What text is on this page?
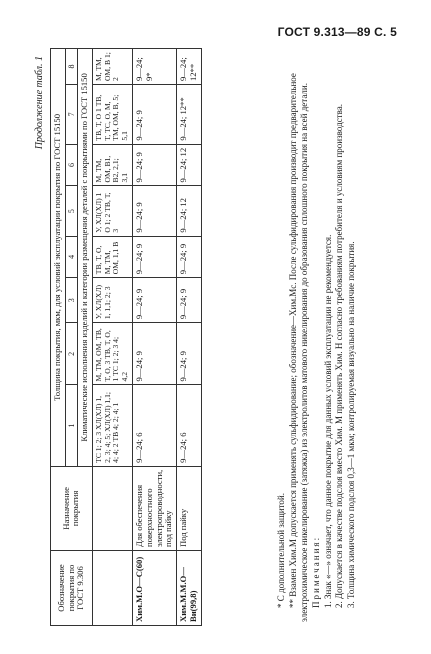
ГОСТ 9.313—89 С. 5
Продолжение табл. 1
Обозначение покрытия по ГОСТ 9.306	Назначение покрытия	Толщина покрытия, мкм, для условий эксплуатации покрытия по ГОСТ 15150							
		1	2	3	4	5	6	7	8
		Климатические исполнения изделий и категории размещения деталей с покрытиями по ГОСТ 15150							
		ТС 1; 2; 3 ХЛ(ХЛ) 1, 2, 3; 4; 5; ХЛ(ХЛ) 1,1; 4; 4; 2 ТВ 4; 2; 4; 1	М, ТМ, ОМ, ТВ, Т, О, 3 ТВ, Т, О, 1 ТС 1; 2; 3 4; 4,2	У, ХЛ(ХЛ) 1, 1,1; 2; 3	ТВ, Т, О, М, ТМ, ОМ, 1,1 В	У, ХЛ(ХЛ) 1 О 1; 2 ТВ, Т, 3	М, ТМ, ОМ, В1, В2, 2,1; 3,1	ТВ, Т, О 1 ТВ, Т, ТС, О, М, ТМ, ОМ, В, 5; 5,1	М, ТМ, ОМ, В 1; 2
Хим.М.О—С(60)	Для обеспечения поверхностного электропроводности, под пайку	9—24; 6	9—24; 9	9—24; 9	9—24; 9	9—24; 9	9—24; 9	9—24; 9	9—24; 9*
Хим.М.М.О—Ви(99,8)	Под пайку	9—24; 6	9—24; 9	9—24; 9	9—24; 9	9—24; 12	9—24; 12	9—24; 12**	9—24; 12**

* С дополнительной защитой. ** Взамен Хим.М допускается применять сульфидирование; обозначение—Хим.Мс. После сульфидирования производит предварительное электрохимическое никелирование (затяжка) из электролитов матового никелирования до образования сплошного покрытия на всей детали. Примечания: 1. Знак «—» означает, что данное покрытие для данных условий эксплуатации не рекомендуется. 2. Допускается в качестве подслоя вместо Хим. М применять Хим. Н согласно требованиям потребителя и условиям производства. 3. Толщина химического подслоя 0,3—1 мкм; контролируемая визуально на наличие покрытия.
